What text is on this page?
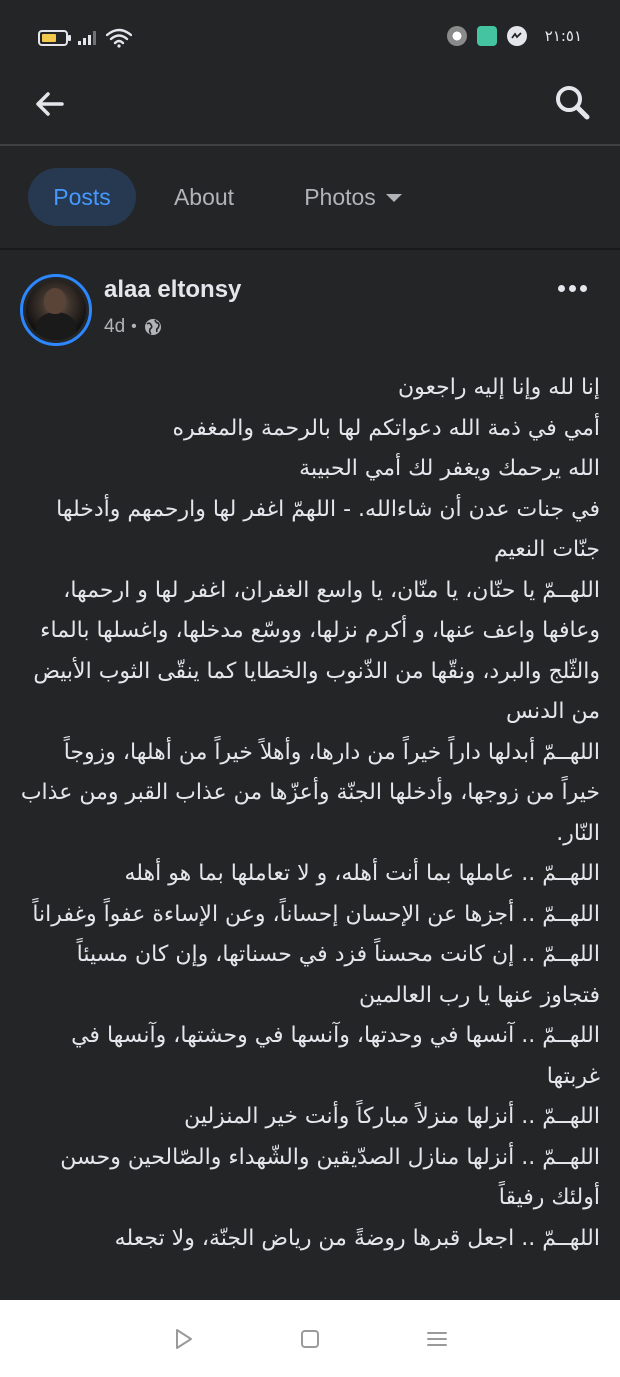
٢١:٥١
Posts	About	Photos
alaa eltonsy
4d •

إنا لله وإنا إليه راجعون

أمي في ذمة الله دعواتكم لها بالرحمة والمغفره

الله يرحمك ويغفر لك أمي الحبيبة

في جنات عدن أن شاءالله. - اللهمّ اغفر لها وارحمهم وأدخلها جنّات النعيم

اللهــمّ يا حنّان، يا منّان، يا واسع الغفران، اغفر لها و ارحمها، وعافها واعف عنها، و أكرم نزلها، ووسّع مدخلها، واغسلها بالماء والثّلج والبرد، ونقّها من الذّنوب والخطايا كما ينقّى الثوب الأبيض من الدنس

اللهــمّ أبدلها داراً خيراً من دارها، وأهلاً خيراً من أهلها، وزوجاً خيراً من زوجها، وأدخلها الجنّة وأعزّها من عذاب القبر ومن عذاب النّار.

اللهــمّ .. عاملها بما أنت أهله، و لا تعاملها بما هو أهله

اللهــمّ .. أجزها عن الإحسان إحساناً، وعن الإساءة عفواً وغفراناً

اللهــمّ .. إن كانت محسناً فزد في حسناتها، وإن كان مسيئاً فتجاوز عنها يا رب العالمين

اللهــمّ .. آنسها في وحدتها، وآنسها في وحشتها، وآنسها في غربتها

اللهــمّ .. أنزلها منزلاً مباركاً وأنت خير المنزلين

اللهــمّ .. أنزلها منازل الصدّيقين والشّهداء والصّالحين وحسن أولئك رفيقاً

اللهــمّ .. اجعل قبرها روضةً من رياض الجنّة، ولا تجعله
